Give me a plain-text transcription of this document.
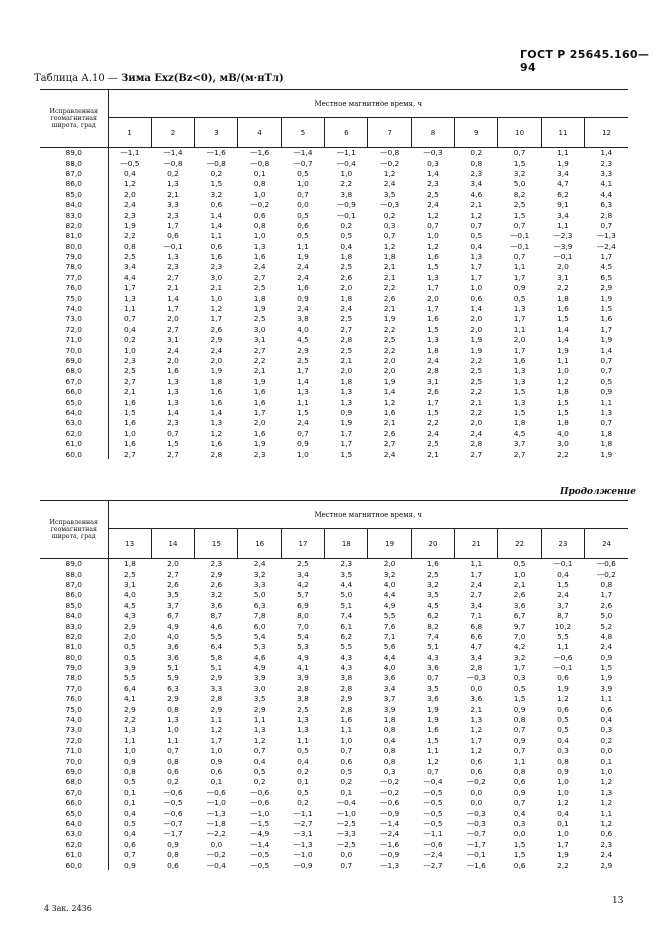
ГОСТ Р 25645.160—94
Таблица А.10 — Зима Exz(Bz<0), мВ/(м·нТл)
Исправленная геомагнитная широта, град	Местное магнитное время, ч											
	1	2	3	4	5	6	7	8	9	10	11	12
89,0	—1,1	—1,4	—1,6	—1,6	—1,4	—1,1	—0,8	—0,3	0,2	0,7	1,1	1,4
88,0	—0,5	—0,8	—0,8	—0,8	—0,7	—0,4	—0,2	0,3	0,8	1,5	1,9	2,3
87,0	0,4	0,2	0,2	0,1	0,5	1,0	1,2	1,4	2,3	3,2	3,4	3,3
86,0	1,2	1,3	1,5	0,8	1,0	2,2	2,4	2,3	3,4	5,0	4,7	4,1
85,0	2,0	2,1	3,2	1,0	0,7	3,8	3,5	2,5	4,6	8,2	6,2	4,4
84,0	2,4	3,3	0,6	—0,2	0,0	—0,9	—0,3	2,4	2,1	2,5	9,1	6,3
83,0	2,3	2,3	1,4	0,6	0,5	—0,1	0,2	1,2	1,2	1,5	3,4	2,8
82,0	1,9	1,7	1,4	0,8	0,6	0,2	0,3	0,7	0,7	0,7	1,1	0,7
81,0	2,2	0,6	1,1	1,0	0,5	0,5	0,7	1,0	0,5	—0,1	—2,3	—1,3
80,0	0,8	—0,1	0,6	1,3	1,1	0,4	1,2	1,2	0,4	—0,1	—3,9	—2,4
79,0	2,5	1,3	1,6	1,6	1,9	1,8	1,8	1,6	1,3	0,7	—0,1	1,7
78,0	3,4	2,3	2,3	2,4	2,4	2,5	2,1	1,5	1,7	1,1	2,0	4,5
77,0	4,4	2,7	3,0	2,7	2,4	2,6	2,1	1,3	1,7	1,7	3,1	6,5
76,0	1,7	2,1	2,1	2,5	1,6	2,0	2,2	1,7	1,0	0,9	2,2	2,9
75,0	1,3	1,4	1,0	1,8	0,9	1,8	2,6	2,0	0,6	0,5	1,8	1,9
74,0	1,1	1,7	1,2	1,9	2,4	2,4	2,1	1,7	1,4	1,3	1,6	1,5
73,0	0,7	2,0	1,7	2,5	3,8	2,5	1,9	1,6	2,0	1,7	1,5	1,6
72,0	0,4	2,7	2,6	3,0	4,0	2,7	2,2	1,5	2,0	1,1	1,4	1,7
71,0	0,2	3,1	2,9	3,1	4,5	2,8	2,5	1,3	1,9	2,0	1,4	1,9
70,0	1,0	2,4	2,4	2,7	2,9	2,5	2,2	1,8	1,9	1,7	1,9	1,4
69,0	2,3	2,0	2,0	2,2	2,5	2,1	2,0	2,4	2,2	1,6	1,1	0,7
68,0	2,5	1,6	1,9	2,1	1,7	2,0	2,0	2,8	2,5	1,3	1,0	0,7
67,0	2,7	1,3	1,8	1,9	1,4	1,8	1,9	3,1	2,5	1,3	1,2	0,5
66,0	2,1	1,3	1,6	1,6	1,3	1,3	1,4	2,6	2,2	1,5	1,8	0,9
65,0	1,6	1,3	1,6	1,6	1,1	1,3	1,2	1,7	2,1	1,3	1,5	1,1
64,0	1,5	1,4	1,4	1,7	1,5	0,9	1,6	1,5	2,2	1,5	1,5	1,3
63,0	1,6	2,3	1,3	2,0	2,4	1,9	2,1	2,2	2,0	1,8	1,8	0,7
62,0	1,0	0,7	1,2	1,6	0,7	1,7	2,6	2,4	2,4	4,5	4,0	1,8
61,0	1,6	1,5	1,6	1,9	0,9	1,7	2,7	2,5	2,8	3,7	3,0	1,8
60,0	2,7	2,7	2,8	2,3	1,0	1,5	2,4	2,1	2,7	2,7	2,2	1,9
Продолжение
Исправленная геомагнитная широта, град	Местное магнитное время, ч											
	13	14	15	16	17	18	19	20	21	22	23	24
89,0	1,8	2,0	2,3	2,4	2,5	2,3	2,0	1,6	1,1	0,5	—0,1	—0,6
88,0	2,5	2,7	2,9	3,2	3,4	3,5	3,2	2,5	1,7	1,0	0,4	—0,2
87,0	3,1	2,6	2,6	3,3	4,2	4,4	4,0	3,2	2,4	2,1	1,5	0,8
86,0	4,0	3,5	3,2	5,0	5,7	5,0	4,4	3,5	2,7	2,6	2,4	1,7
85,0	4,5	3,7	3,6	6,3	6,9	5,1	4,9	4,5	3,4	3,6	3,7	2,6
84,0	4,3	6,7	8,7	7,8	8,0	7,4	5,5	6,2	7,1	6,7	8,7	5,0
83,0	2,9	4,9	4,6	6,0	7,0	6,1	7,6	8,2	6,8	9,7	10,2	5,2
82,0	2,0	4,0	5,5	5,4	5,4	6,2	7,1	7,4	6,6	7,0	5,5	4,8
81,0	0,5	3,6	6,4	5,3	5,3	5,5	5,6	5,1	4,7	4,2	1,1	2,4
80,0	0,5	3,6	5,8	4,6	4,9	4,3	4,4	4,3	3,4	3,2	—0,6	0,9
79,0	3,9	5,1	5,1	4,9	4,1	4,3	4,0	3,6	2,8	1,7	—0,1	1,5
78,0	5,5	5,9	2,9	3,9	3,9	3,8	3,6	0,7	—0,3	0,3	0,6	1,9
77,0	6,4	6,3	3,3	3,0	2,8	2,8	3,4	3,5	0,0	0,5	1,9	3,9
76,0	4,1	2,9	2,8	3,5	3,8	2,9	3,7	3,6	3,6	1,5	1,2	1,1
75,0	2,9	0,8	2,9	2,9	2,5	2,8	3,9	1,9	2,1	0,9	0,6	0,6
74,0	2,2	1,3	1,1	1,1	1,3	1,6	1,8	1,9	1,3	0,8	0,5	0,4
73,0	1,3	1,0	1,2	1,3	1,3	1,1	0,8	1,6	1,2	0,7	0,5	0,3
72,0	1,1	1,1	1,7	1,2	1,1	1,0	0,4	1,5	1,7	0,9	0,4	0,2
71,0	1,0	0,7	1,0	0,7	0,5	0,7	0,8	1,1	1,2	0,7	0,3	0,0
70,0	0,9	0,8	0,9	0,4	0,4	0,6	0,8	1,2	0,6	1,1	0,8	0,1
69,0	0,8	0,6	0,6	0,5	0,2	0,5	0,3	0,7	0,6	0,8	0,9	1,0
68,0	0,5	0,2	0,1	0,2	0,1	0,2	—0,2	—0,4	—0,2	0,6	1,0	1,2
67,0	0,1	—0,6	—0,6	—0,6	0,5	0,1	—0,2	—0,5	0,0	0,9	1,0	1,3
66,0	0,1	—0,5	—1,0	—0,6	0,2	—0,4	—0,6	—0,5	0,0	0,7	1,2	1,2
65,0	0,4	—0,6	—1,3	—1,0	—1,1	—1,0	—0,9	—0,5	—0,3	0,4	0,4	1,1
64,0	0,5	—0,7	—1,8	—1,5	—2,7	—2,5	—1,4	—0,5	—0,3	0,3	0,1	1,2
63,0	0,4	—1,7	—2,2	—4,9	—3,1	—3,3	—2,4	—1,1	—0,7	0,0	1,0	0,6
62,0	0,6	0,9	0,0	—1,4	—1,3	—2,5	—1,6	—0,6	—1,7	1,5	1,7	2,3
61,0	0,7	0,8	—0,2	—0,5	—1,0	0,0	—0,9	—2,4	—0,1	1,5	1,9	2,4
60,0	0,9	0,6	—0,4	—0,5	—0,9	0,7	—1,3	—2,7	—1,6	0,6	2,2	2,9
4 Зак. 2436
13
